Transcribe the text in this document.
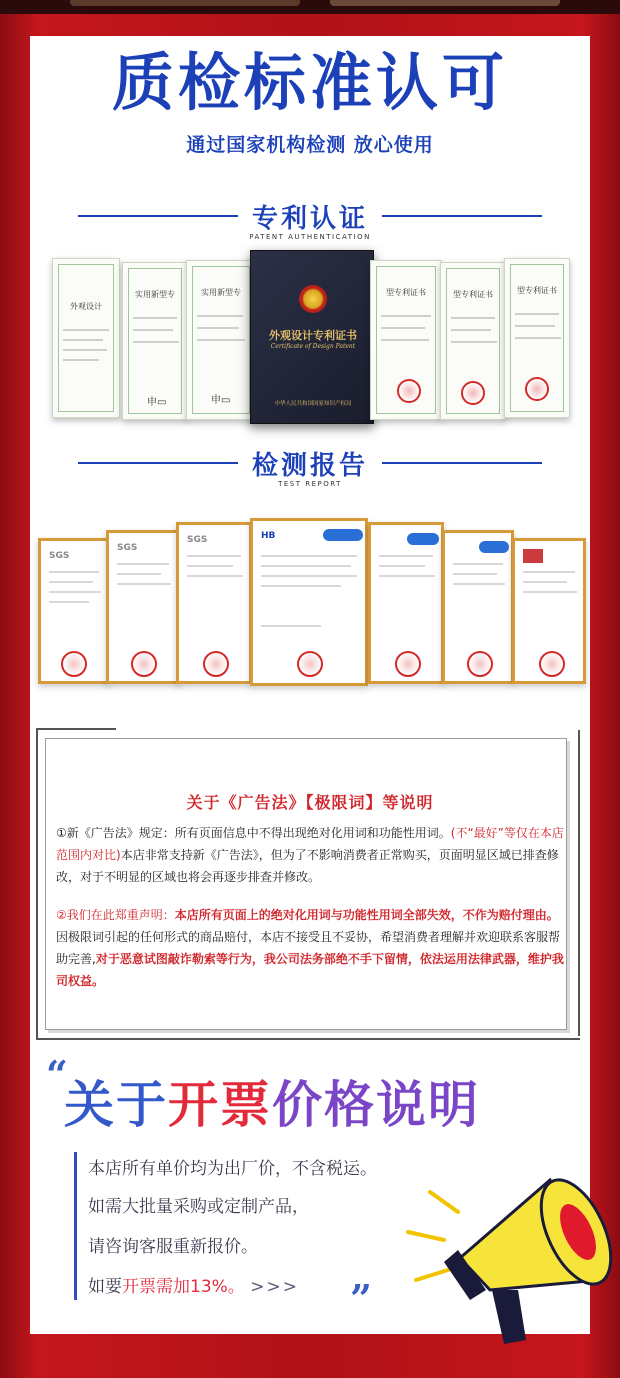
质检标准认可
通过国家机构检测 放心使用
专利认证
PATENT AUTHENTICATION
外观设计
实用新型专
申▭
实用新型专
申▭
外观设计专利证书
Certificate of Design Patent
中华人民共和国国家知识产权局
型专利证书	型专利证书	型专利证书
检测报告
TEST REPORT
SGS
SGS
SGS	HB
关于《广告法》【极限词】等说明
①新《广告法》规定：所有页面信息中不得出现绝对化用词和功能性用词。(不“最好”等仅在本店范围内对比)本店非常支持新《广告法》，但为了不影响消费者正常购买，页面明显区域已排查修改，对于不明显的区域也将会再逐步排查并修改。
②我们在此郑重声明：本店所有页面上的绝对化用词与功能性用词全部失效，不作为赔付理由。因极限词引起的任何形式的商品赔付，本店不接受且不妥协，希望消费者理解并欢迎联系客服帮助完善,对于恶意试图敲诈勒索等行为，我公司法务部绝不手下留情，依法运用法律武器，维护我司权益。
“
关于开票价格说明
本店所有单价均为出厂价，不含税运。
如需大批量采购或定制产品，
请咨询客服重新报价。
如要开票需加13%。 >>> ”
